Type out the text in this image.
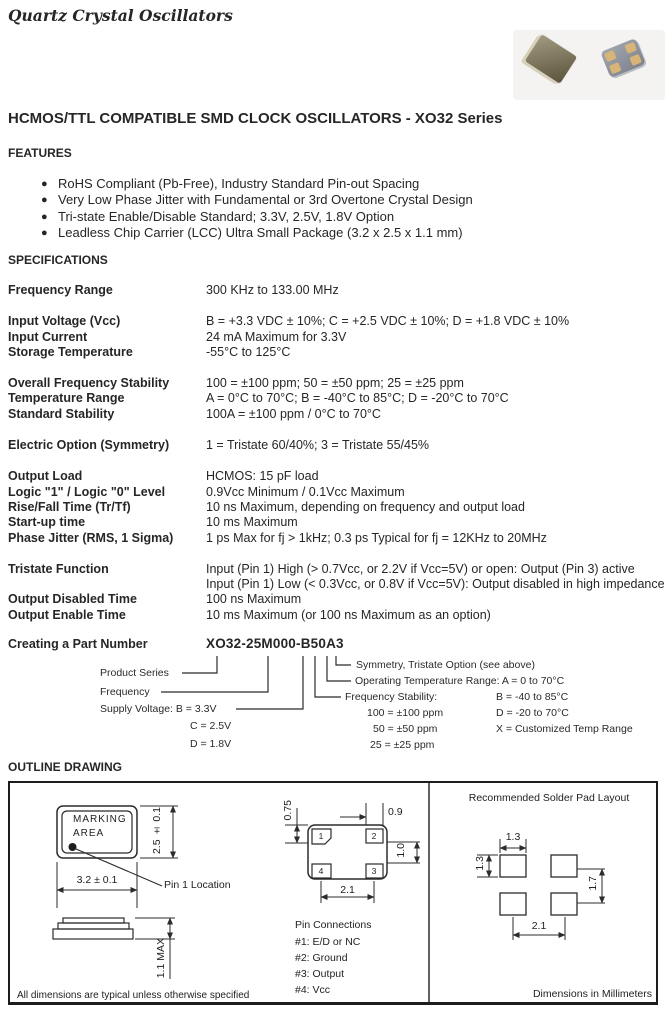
Quartz Crystal Oscillators
HCMOS/TTL COMPATIBLE SMD CLOCK OSCILLATORS - XO32 Series
FEATURES
● RoHS Compliant (Pb-Free), Industry Standard Pin-out Spacing
● Very Low Phase Jitter with Fundamental or 3rd Overtone Crystal Design
● Tri-state Enable/Disable Standard; 3.3V, 2.5V, 1.8V Option
● Leadless Chip Carrier (LCC) Ultra Small Package (3.2 x 2.5 x 1.1 mm)
SPECIFICATIONS
Frequency Range	300 KHz to 133.00 MHz
Input Voltage (Vcc)	B = +3.3 VDC ± 10%; C = +2.5 VDC ± 10%; D = +1.8 VDC ± 10%
Input Current	24 mA Maximum for 3.3V
Storage Temperature	-55°C to 125°C
Overall Frequency Stability	100 = ±100 ppm; 50 = ±50 ppm; 25 = ±25 ppm
Temperature Range	A = 0°C to 70°C; B = -40°C to 85°C; D = -20°C to 70°C
Standard Stability	100A = ±100 ppm / 0°C to 70°C
Electric Option (Symmetry)	1 = Tristate 60/40%; 3 = Tristate 55/45%
Output Load	HCMOS: 15 pF load
Logic "1" / Logic "0" Level	0.9Vcc Minimum / 0.1Vcc Maximum
Rise/Fall Time (Tr/Tf)	10 ns Maximum, depending on frequency and output load
Start-up time	10 ms Maximum
Phase Jitter (RMS, 1 Sigma)	1 ps Max for fj > 1kHz; 0.3 ps Typical for fj = 12KHz to 20MHz
Tristate Function	Input (Pin 1) High (> 0.7Vcc, or 2.2V if Vcc=5V) or open: Output (Pin 3) active
Input (Pin 1) Low (< 0.3Vcc, or 0.8V if Vcc=5V): Output disabled in high impedance
Output Disabled Time	100 ns Maximum
Output Enable Time	10 ms Maximum (or 100 ns Maximum as an option)
Creating a Part Number	XO32-25M000-B50A3
Product Series
Frequency
Supply Voltage: B = 3.3V
C = 2.5V
D = 1.8V
Frequency Stability:
100 = ±100 ppm
50 = ±50 ppm
25 = ±25 ppm
Symmetry, Tristate Option (see above)
Operating Temperature Range: A = 0 to 70°C
B = -40 to 85°C
D = -20 to 70°C
X = Customized Temp Range
OUTLINE DRAWING
MARKING
AREA	2.5 ± 0.1
3.2 ± 0.1	Pin 1 Location
1.1 MAX
All dimensions are typical unless otherwise specified
0.75	0.9
1.0
2.1
1	2
4	3
Recommended Solder Pad Layout
1.3
1.3
1.7
2.1
Pin Connections
#1: E/D or NC
#2: Ground
#3: Output
#4: Vcc	Dimensions in Millimeters
